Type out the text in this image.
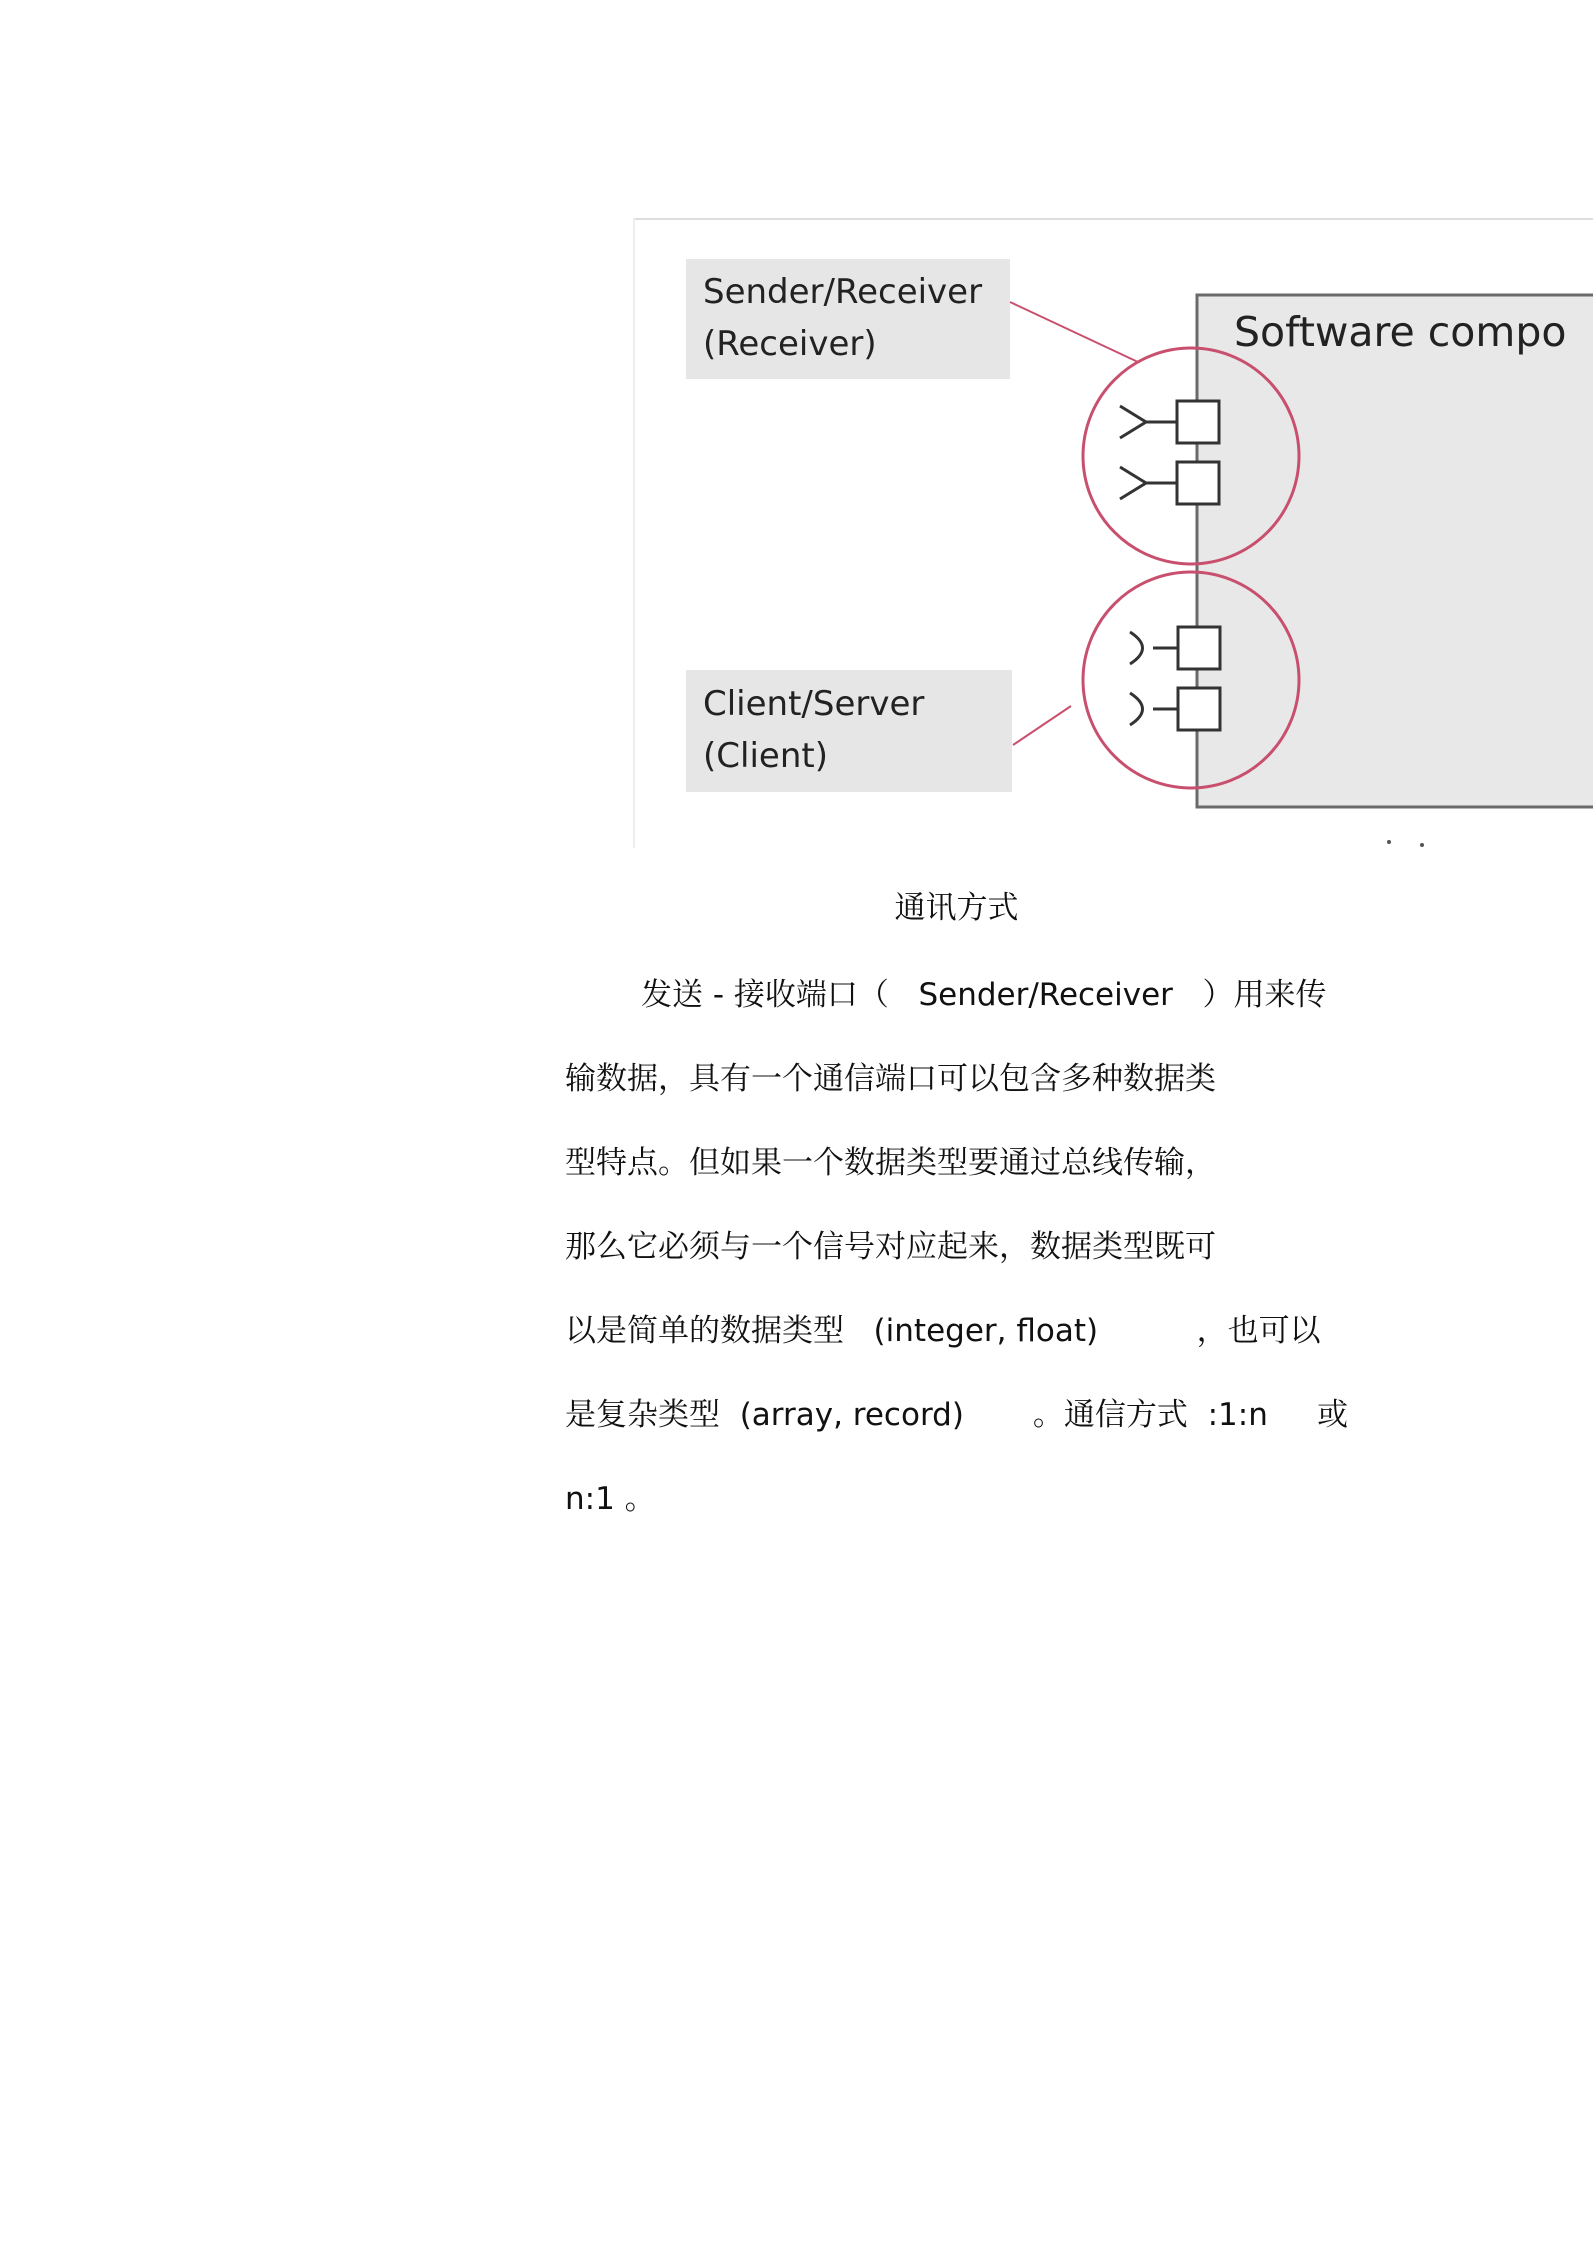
Software compo
Sender/Receiver
(Receiver)
Client/Server
(Client)
通讯方式
发送 - 接收端口（   Sender/Receiver   ）用来传
输数据，具有一个通信端口可以包含多种数据类
型特点。但如果一个数据类型要通过总线传输，
那么它必须与一个信号对应起来，数据类型既可
以是简单的数据类型   (integer, float)          ，也可以
是复杂类型  (array, record)       。通信方式  :1:n     或
n:1 。
